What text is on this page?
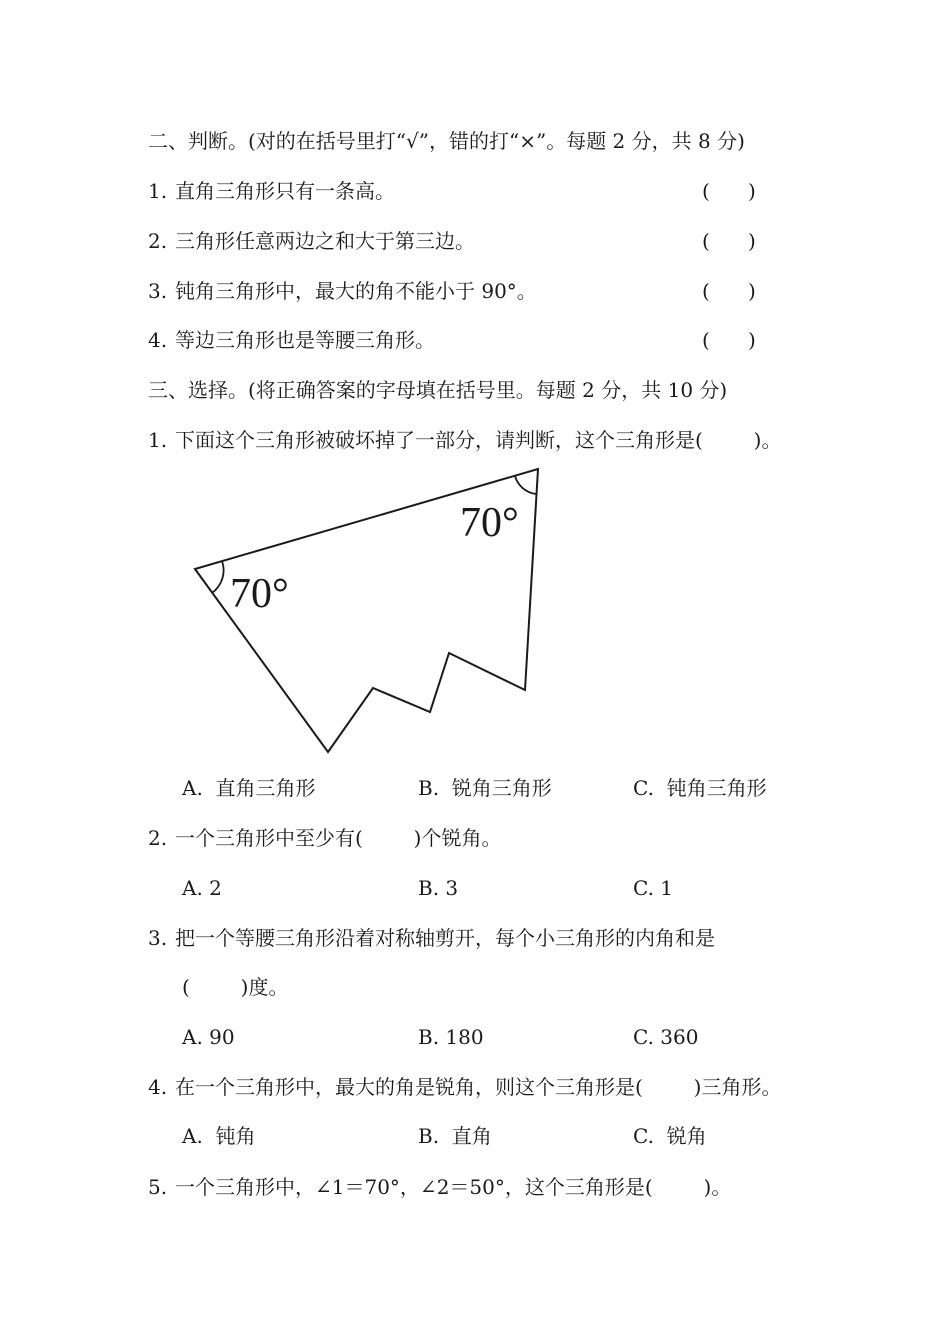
二、判断。(对的在括号里打“√”，错的打“×”。每题 2 分，共 8 分)
1. 直角三角形只有一条高。	(      )
2. 三角形任意两边之和大于第三边。	(      )
3. 钝角三角形中，最大的角不能小于 90°。	(      )
4. 等边三角形也是等腰三角形。	(      )
三、选择。(将正确答案的字母填在括号里。每题 2 分，共 10 分)
1. 下面这个三角形被破坏掉了一部分，请判断，这个三角形是(        )。
70°
70°
A.  直角三角形	B.  锐角三角形	C.  钝角三角形
2. 一个三角形中至少有(        )个锐角。
A. 2	B. 3	C. 1
3. 把一个等腰三角形沿着对称轴剪开，每个小三角形的内角和是
(        )度。
A. 90	B. 180	C. 360
4. 在一个三角形中，最大的角是锐角，则这个三角形是(        )三角形。
A.  钝角	B.  直角	C.  锐角
5. 一个三角形中，∠1＝70°，∠2＝50°，这个三角形是(        )。
